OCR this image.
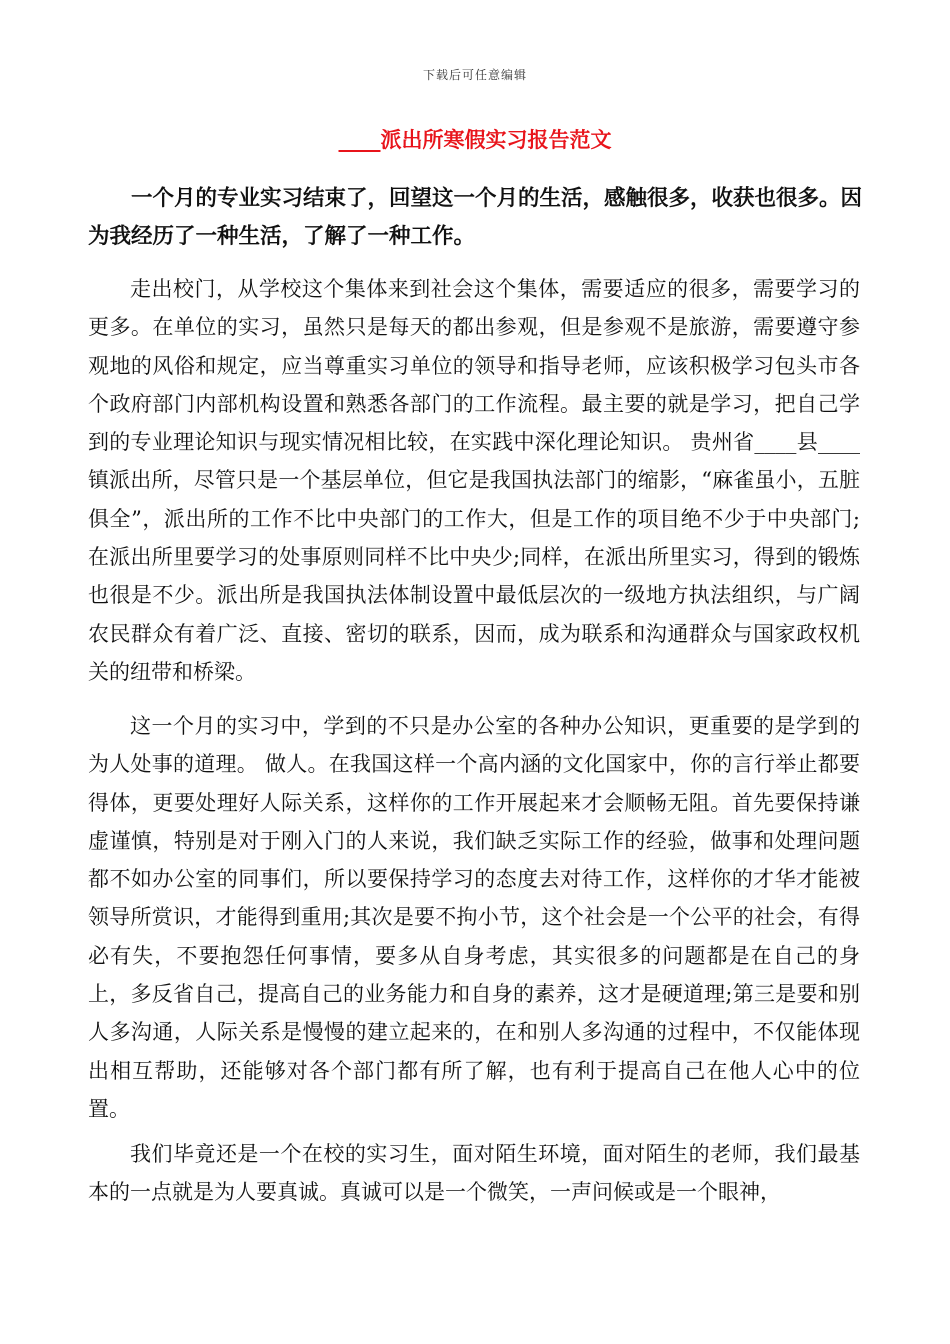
下载后可任意编辑
____派出所寒假实习报告范文

一个月的专业实习结束了，回望这一个月的生活，感触很多，收获也很多。因为我经历了一种生活，了解了一种工作。

走出校门，从学校这个集体来到社会这个集体，需要适应的很多，需要学习的更多。在单位的实习，虽然只是每天的都出参观，但是参观不是旅游，需要遵守参观地的风俗和规定，应当尊重实习单位的领导和指导老师，应该积极学习包头市各个政府部门内部机构设置和熟悉各部门的工作流程。最主要的就是学习，把自己学到的专业理论知识与现实情况相比较，在实践中深化理论知识。 贵州省____县____镇派出所，尽管只是一个基层单位，但它是我国执法部门的缩影，“麻雀虽小，五脏俱全”，派出所的工作不比中央部门的工作大，但是工作的项目绝不少于中央部门;在派出所里要学习的处事原则同样不比中央少;同样，在派出所里实习，得到的锻炼也很是不少。派出所是我国执法体制设置中最低层次的一级地方执法组织，与广阔农民群众有着广泛、直接、密切的联系，因而，成为联系和沟通群众与国家政权机关的纽带和桥梁。

这一个月的实习中，学到的不只是办公室的各种办公知识，更重要的是学到的为人处事的道理。 做人。在我国这样一个高内涵的文化国家中，你的言行举止都要得体，更要处理好人际关系，这样你的工作开展起来才会顺畅无阻。首先要保持谦虚谨慎，特别是对于刚入门的人来说，我们缺乏实际工作的经验，做事和处理问题都不如办公室的同事们，所以要保持学习的态度去对待工作，这样你的才华才能被领导所赏识，才能得到重用;其次是要不拘小节，这个社会是一个公平的社会，有得必有失，不要抱怨任何事情，要多从自身考虑，其实很多的问题都是在自己的身上，多反省自己，提高自己的业务能力和自身的素养，这才是硬道理;第三是要和别人多沟通，人际关系是慢慢的建立起来的，在和别人多沟通的过程中，不仅能体现出相互帮助，还能够对各个部门都有所了解，也有利于提高自己在他人心中的位置。

我们毕竟还是一个在校的实习生，面对陌生环境，面对陌生的老师，我们最基本的一点就是为人要真诚。真诚可以是一个微笑，一声问候或是一个眼神，
